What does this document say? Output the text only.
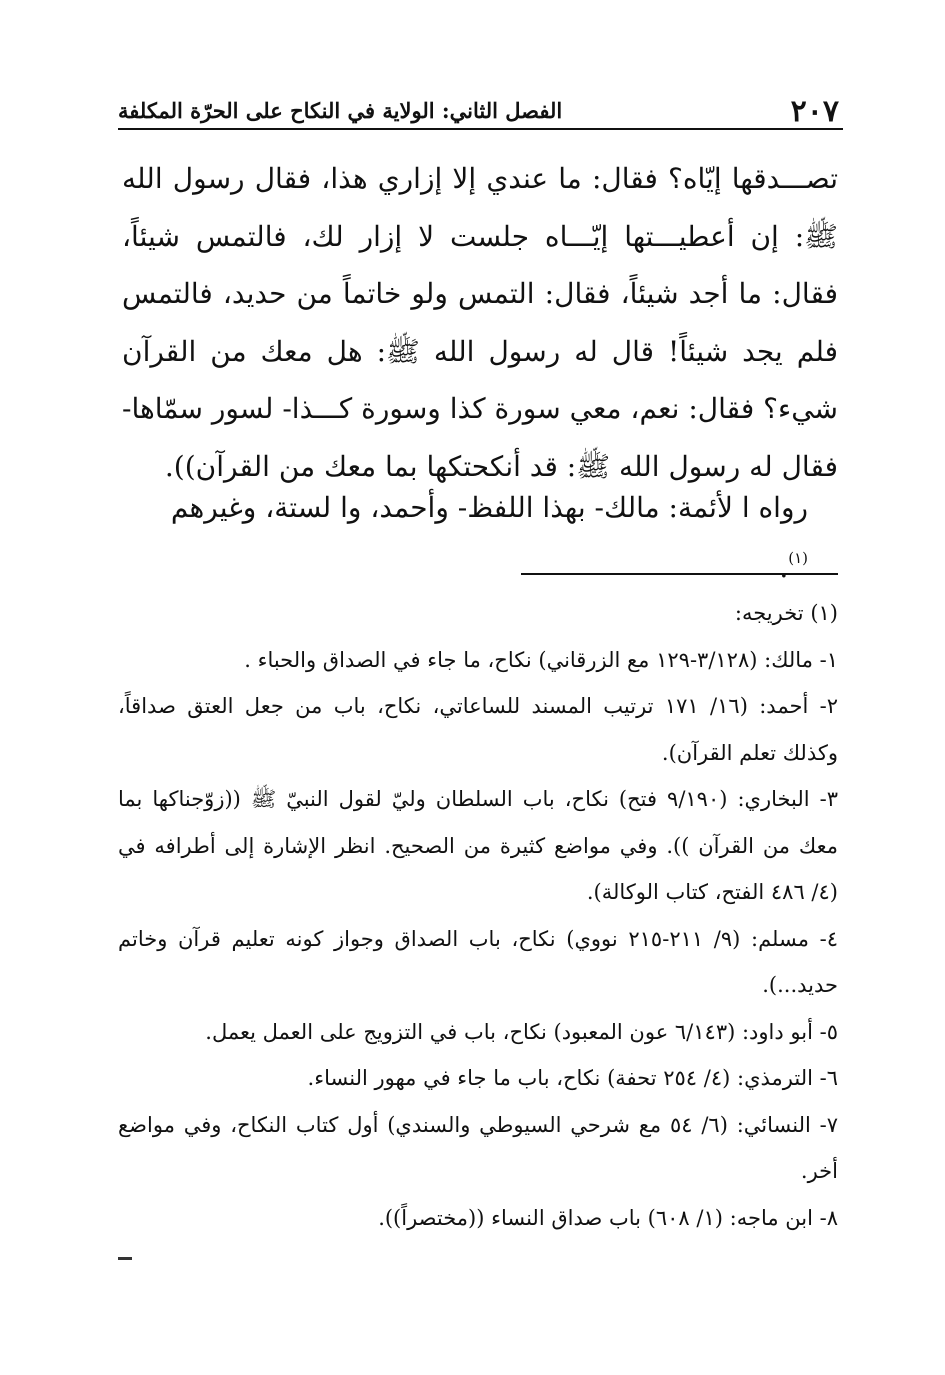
٢٠٧
الفصل الثاني: الولاية في النكاح على الحرّة المكلفة

تصـــدقها إيّاه؟ فقال: ما عندي إلا إزاري هذا، فقال رسول الله ﷺ: إن أعطيـــتها إيّـــاه جلست لا إزار لك، فالتمس شيئاً، فقال: ما أجد شيئاً، فقال: التمس ولو خاتماً من حديد، فالتمس فلم يجد شيئاً! قال له رسول الله ﷺ: هل معك من القرآن شيء؟ فقال: نعم، معي سورة كذا وسورة كـــذا- لسور سمّاها- فقال له رسول الله ﷺ: قد أنكحتكها بما معك من القرآن)).

رواه ا لأئمة: مالك- بهذا اللفظ- وأحمد، وا لستة، وغيرهم $^{(١)}$.

(١) تخريجه:

١- مالك: (٣/١٢٨-١٢٩ مع الزرقاني) نكاح، ما جاء في الصداق والحباء .

٢- أحمد: (١٦/ ١٧١ ترتيب المسند للساعاتي، نكاح، باب من جعل العتق صداقاً، وكذلك تعلم القرآن).

٣- البخاري: (٩/١٩٠ فتح) نكاح، باب السلطان وليّ لقول النبيّ ﷺ ((زوّجناكها بما معك من القرآن )). وفي مواضع كثيرة من الصحيح. انظر الإشارة إلى أطرافه في (٤/ ٤٨٦ الفتح، كتاب الوكالة).

٤- مسلم: (٩/ ٢١١-٢١٥ نووي) نكاح، باب الصداق وجواز كونه تعليم قرآن وخاتم حديد...).

٥- أبو داود: (٦/١٤٣ عون المعبود) نكاح، باب في التزويج على العمل يعمل.

٦- الترمذي: (٤/ ٢٥٤ تحفة) نكاح، باب ما جاء في مهور النساء.

٧- النسائي: (٦/ ٥٤ مع شرحي السيوطي والسندي) أول كتاب النكاح، وفي مواضع أخر.

٨- ابن ماجه: (١/ ٦٠٨) باب صداق النساء ((مختصراً)).
